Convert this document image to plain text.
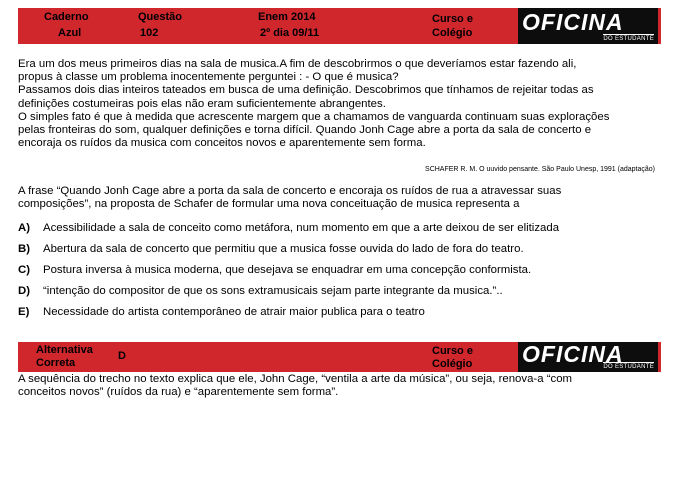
Caderno
Azul
Questão
102
Enem 2014
2º dia 09/11
Curso e
Colégio OFICINA
DO ESTUDANTE

Era um dos meus primeiros dias na sala de musica.A fim de descobrirmos o que deveríamos estar fazendo ali,

propus à classe um problema inocentemente perguntei : - O que é musica?

Passamos dois dias inteiros tateados em busca de uma definição. Descobrimos que tínhamos de rejeitar todas as

definições costumeiras pois elas não eram suficientemente abrangentes.

O simples fato é que à medida que acrescente margem que a chamamos de vanguarda continuam suas explorações

pelas fronteiras do som, qualquer definições e torna difícil. Quando Jonh Cage abre a porta da sala de concerto e

encoraja os ruídos da musica com conceitos novos e aparentemente sem forma.

SCHAFER R. M. O uuvido pensante. São Paulo Unesp, 1991 (adaptação)

A frase “Quando Jonh Cage abre a porta da sala de concerto e encoraja os ruídos de rua a atravessar suas

composições”, na proposta de Schafer de formular uma nova conceituação de musica representa a

A) Acessibilidade a sala de conceito como metáfora, num momento em que a arte deixou de ser elitizada
B) Abertura da sala de concerto que permitiu que a musica fosse ouvida do lado de fora do teatro.
C) Postura inversa à musica moderna, que desejava se enquadrar em uma concepção conformista.
D) “intenção do compositor de que os sons extramusicais sejam parte integrante da musica.”..
E) Necessidade do artista contemporâneo de atrair maior publica para o teatro
Alternativa
Correta
D	Curso e
Colégio OFICINA
DO ESTUDANTE

A sequência do trecho no texto explica que ele, John Cage, “ventila a arte da música”, ou seja, renova-a “com

conceitos novos” (ruídos da rua) e “aparentemente sem forma”.
